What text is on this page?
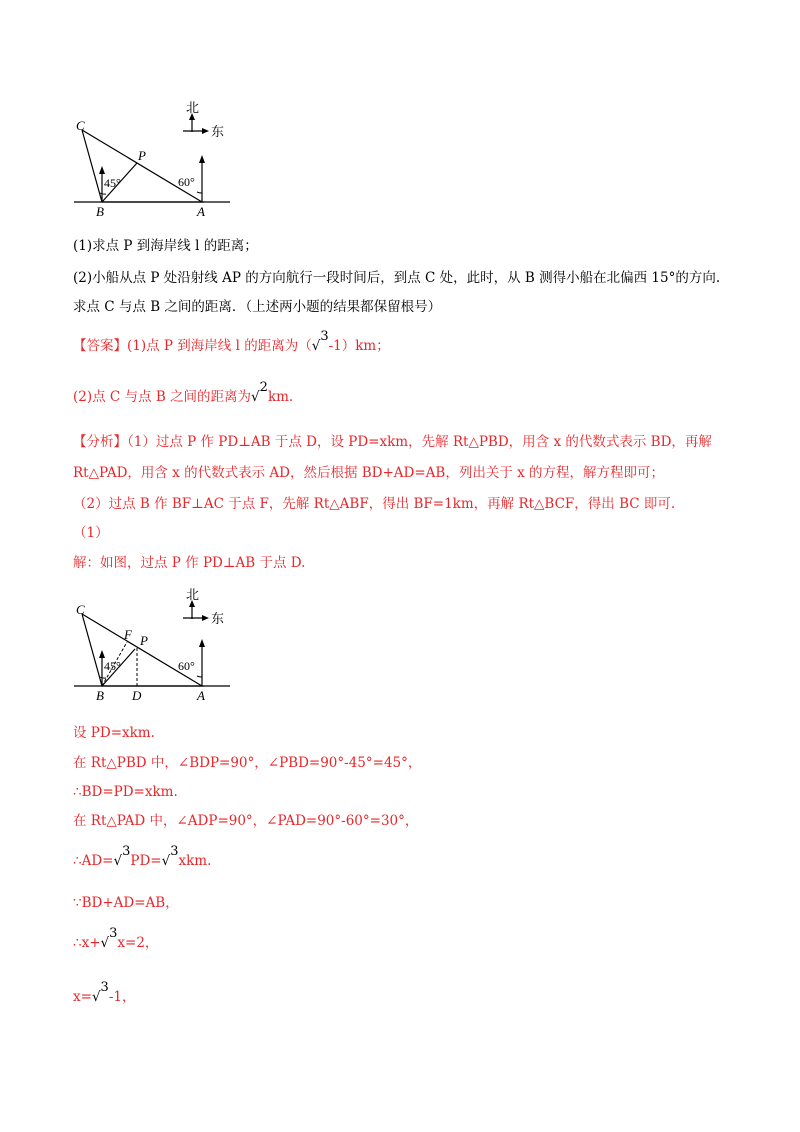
北
东
C
P
B	A
45°	60°
(1)求点 P 到海岸线 l 的距离；
(2)小船从点 P 处沿射线 AP 的方向航行一段时间后，到点 C 处，此时，从 B 测得小船在北偏西 15°的方向.
求点 C 与点 B 之间的距离．（上述两小题的结果都保留根号）
【答案】(1)点 P 到海岸线 l 的距离为（√3-1）km；
(2)点 C 与点 B 之间的距离为√2km.
【分析】（1）过点 P 作 PD⊥AB 于点 D，设 PD=xkm，先解 Rt△PBD，用含 x 的代数式表示 BD，再解
Rt△PAD，用含 x 的代数式表示 AD，然后根据 BD+AD=AB，列出关于 x 的方程，解方程即可；
（2）过点 B 作 BF⊥AC 于点 F，先解 Rt△ABF，得出 BF=1km，再解 Rt△BCF，得出 BC 即可.
（1）
解：如图，过点 P 作 PD⊥AB 于点 D.
北
东
C
F P
B D	A
45°	60°
设 PD=xkm.
在 Rt△PBD 中，∠BDP=90°，∠PBD=90°-45°=45°，
∴BD=PD=xkm.
在 Rt△PAD 中，∠ADP=90°，∠PAD=90°-60°=30°，
∴AD=√3PD=√3xkm.
∵BD+AD=AB，
∴x+√3x=2，
x=√3-1，
